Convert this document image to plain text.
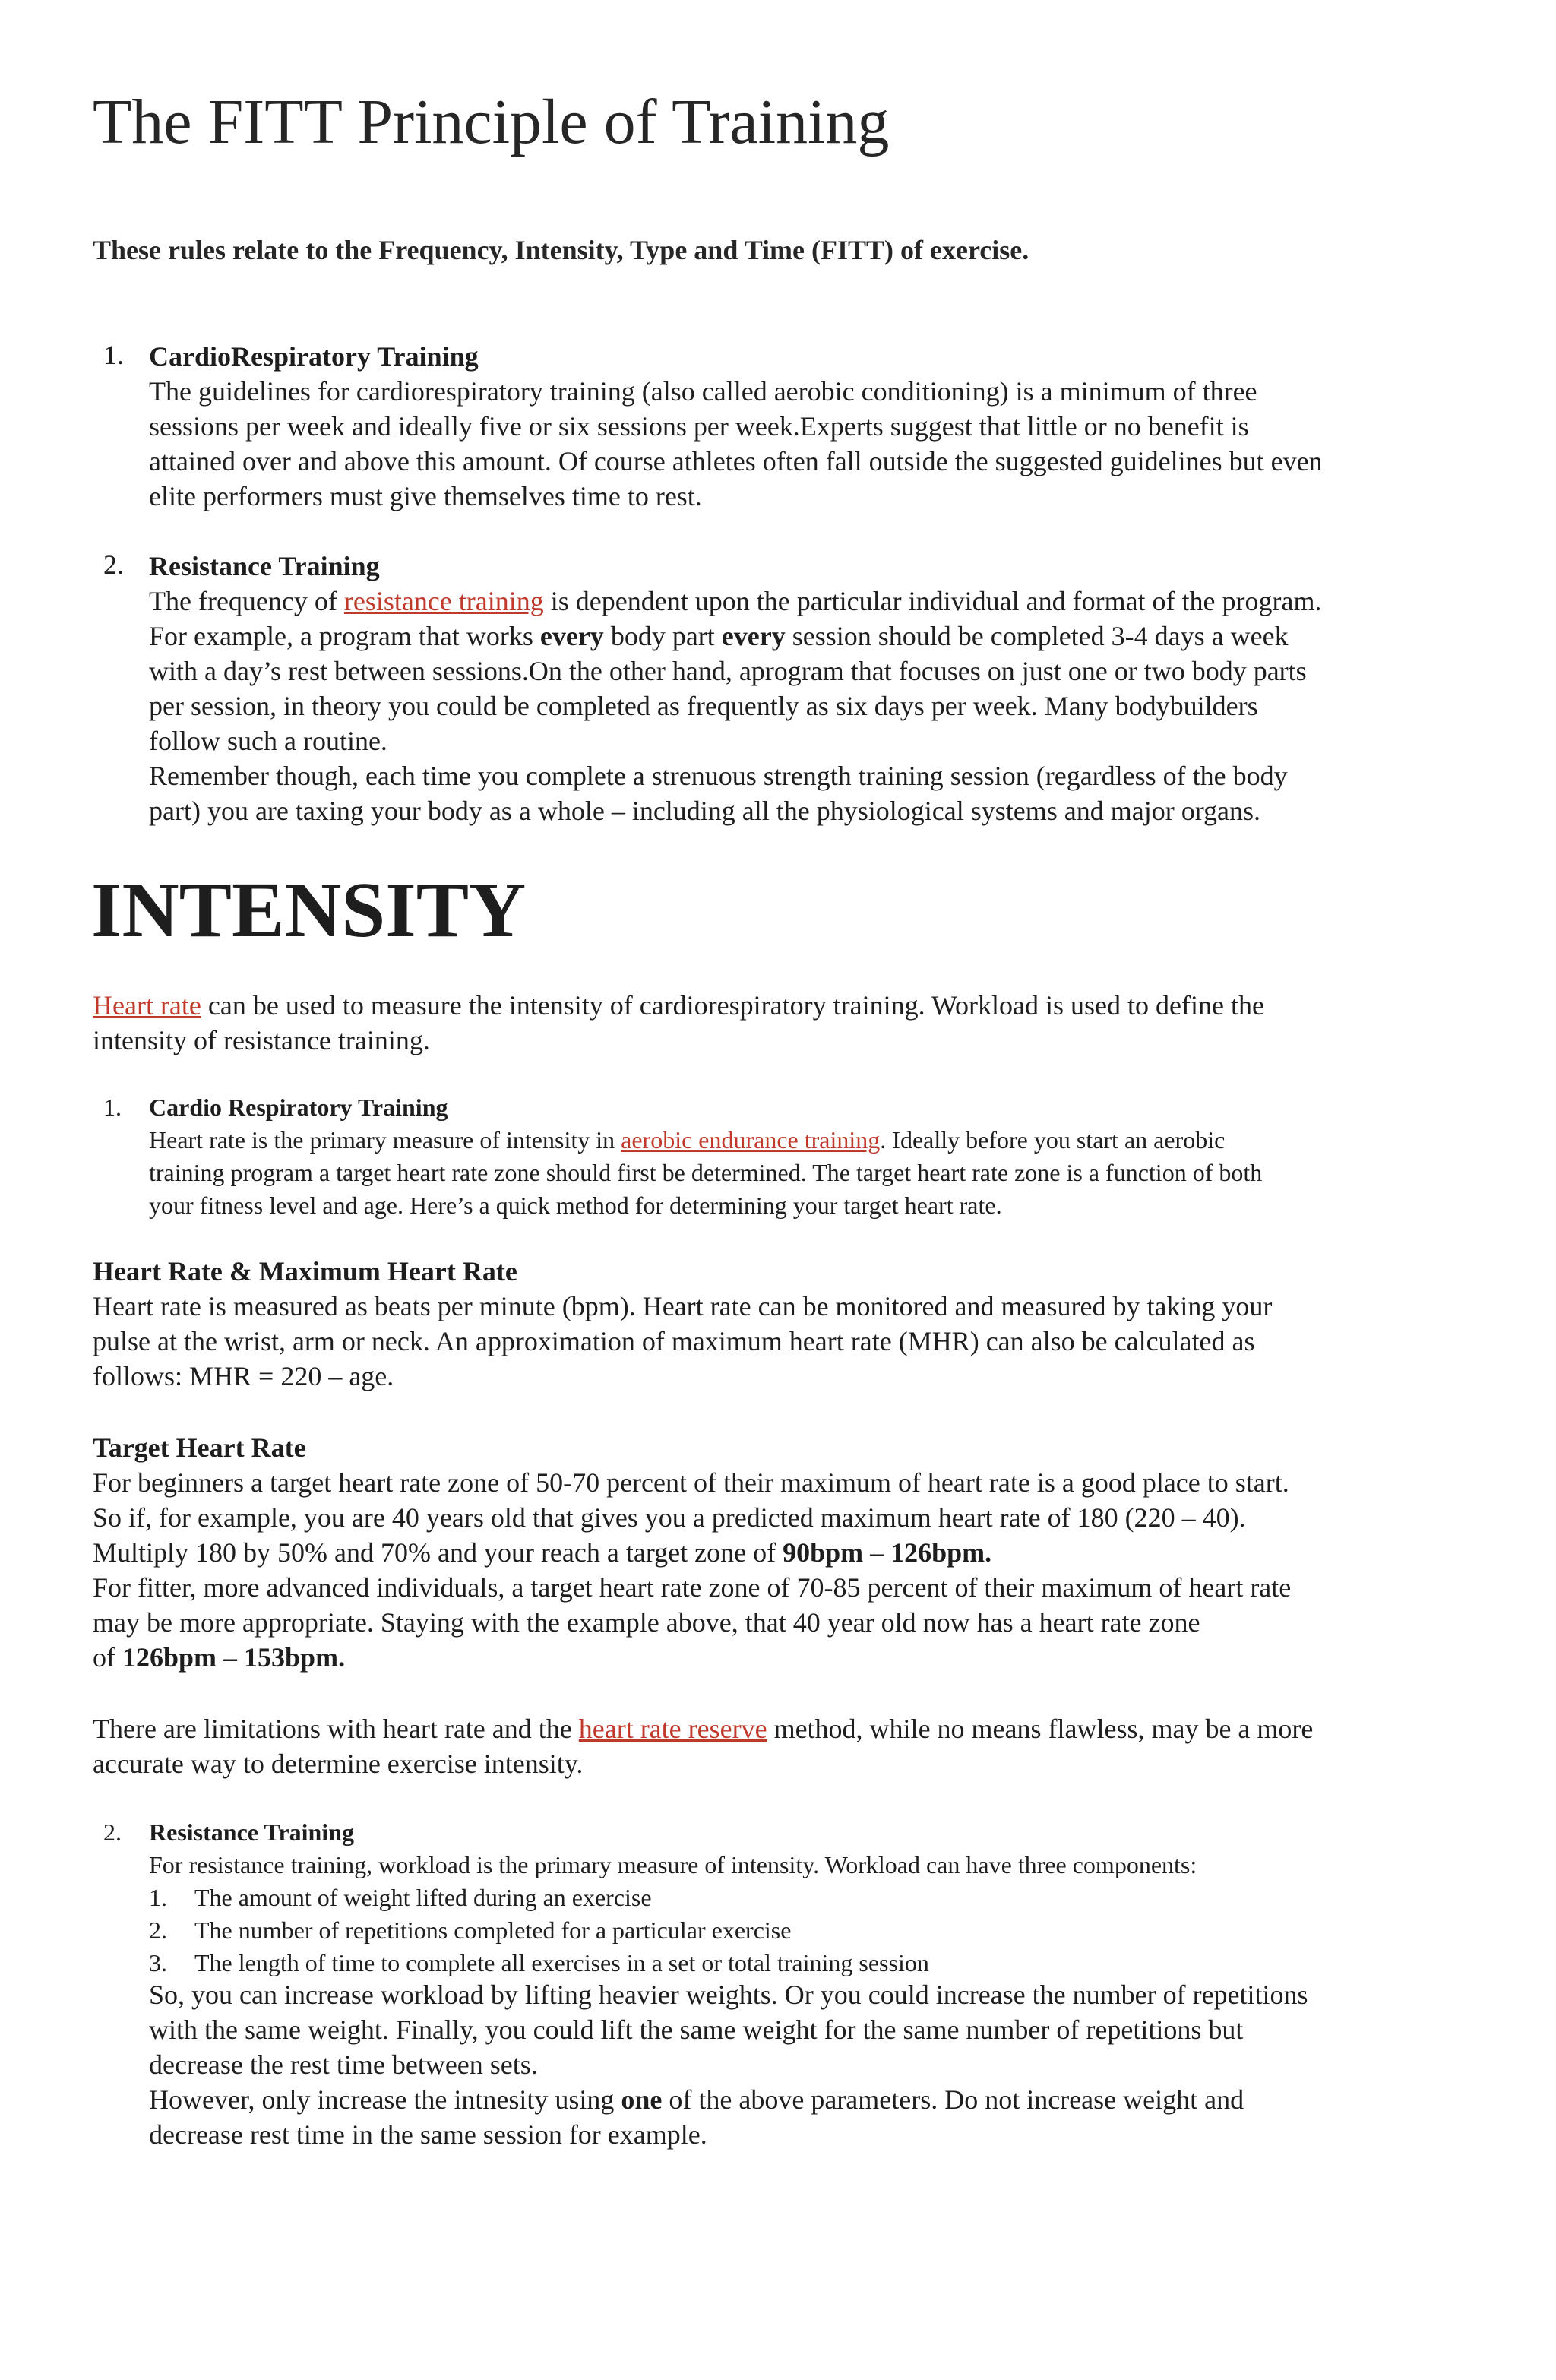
The FITT Principle of Training

These rules relate to the Frequency, Intensity, Type and Time (FITT) of exercise.

1. CardioRespiratory Training
The guidelines for cardiorespiratory training (also called aerobic conditioning) is a minimum of three
sessions per week and ideally five or six sessions per week.Experts suggest that little or no benefit is
attained over and above this amount. Of course athletes often fall outside the suggested guidelines but even
elite performers must give themselves time to rest.
2. Resistance Training
The frequency of resistance training is dependent upon the particular individual and format of the program.
For example, a program that works every body part every session should be completed 3-4 days a week
with a day’s rest between sessions.On the other hand, aprogram that focuses on just one or two body parts
per session, in theory you could be completed as frequently as six days per week. Many bodybuilders
follow such a routine.
Remember though, each time you complete a strenuous strength training session (regardless of the body
part) you are taxing your body as a whole – including all the physiological systems and major organs.
INTENSITY
Heart rate can be used to measure the intensity of cardiorespiratory training. Workload is used to define the
intensity of resistance training.
1. Cardio Respiratory Training
Heart rate is the primary measure of intensity in aerobic endurance training. Ideally before you start an aerobic
training program a target heart rate zone should first be determined. The target heart rate zone is a function of both
your fitness level and age. Here’s a quick method for determining your target heart rate.
Heart Rate & Maximum Heart Rate
Heart rate is measured as beats per minute (bpm). Heart rate can be monitored and measured by taking your
pulse at the wrist, arm or neck. An approximation of maximum heart rate (MHR) can also be calculated as
follows: MHR = 220 – age.
Target Heart Rate
For beginners a target heart rate zone of 50-70 percent of their maximum of heart rate is a good place to start.
So if, for example, you are 40 years old that gives you a predicted maximum heart rate of 180 (220 – 40).
Multiply 180 by 50% and 70% and your reach a target zone of 90bpm – 126bpm.
For fitter, more advanced individuals, a target heart rate zone of 70-85 percent of their maximum of heart rate
may be more appropriate. Staying with the example above, that 40 year old now has a heart rate zone
of 126bpm – 153bpm.
There are limitations with heart rate and the heart rate reserve method, while no means flawless, may be a more
accurate way to determine exercise intensity.
2. Resistance Training
For resistance training, workload is the primary measure of intensity. Workload can have three components:
1. The amount of weight lifted during an exercise
2. The number of repetitions completed for a particular exercise
3. The length of time to complete all exercises in a set or total training session
So, you can increase workload by lifting heavier weights. Or you could increase the number of repetitions
with the same weight. Finally, you could lift the same weight for the same number of repetitions but
decrease the rest time between sets.
However, only increase the intnesity using one of the above parameters. Do not increase weight and
decrease rest time in the same session for example.
